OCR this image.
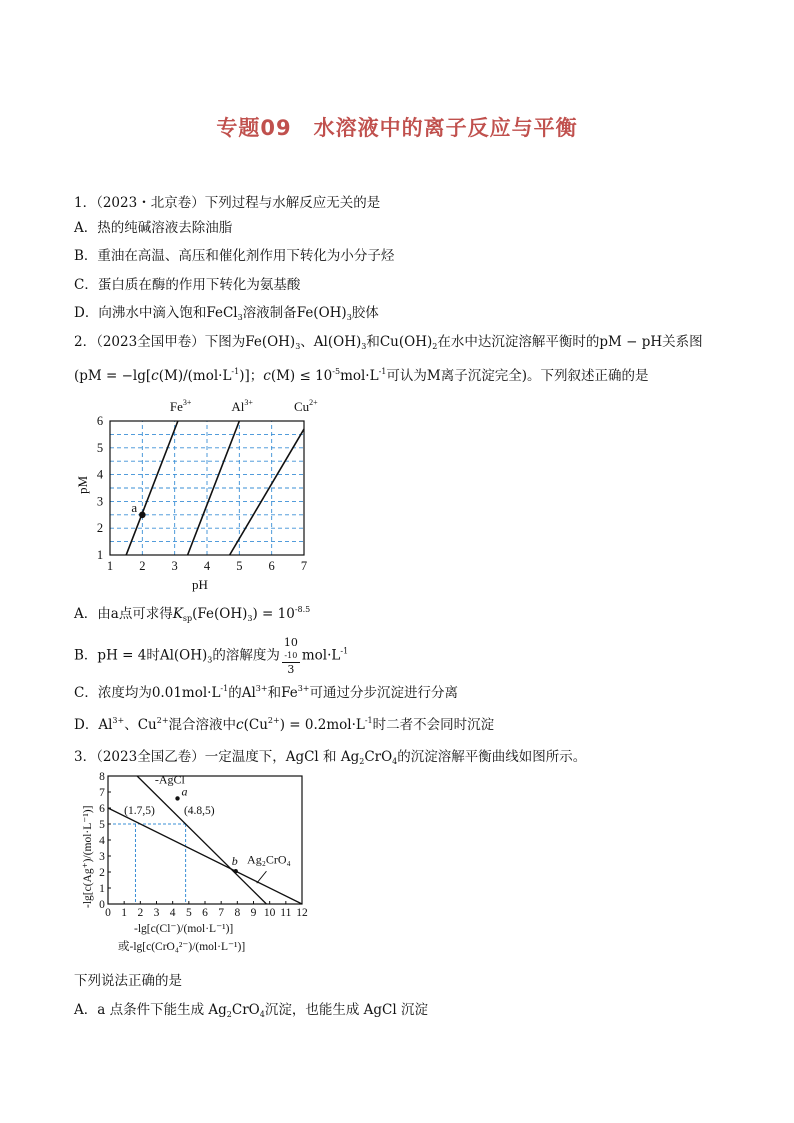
专题09　水溶液中的离子反应与平衡
1．（2023・北京卷）下列过程与水解反应无关的是
A．热的纯碱溶液去除油脂
B．重油在高温、高压和催化剂作用下转化为小分子烃
C．蛋白质在酶的作用下转化为氨基酸
D．向沸水中滴入饱和FeCl$_3$溶液制备$Fe(OH)_3$胶体
2．（2023全国甲卷）下图为$Fe(OH)_3$、$Al(OH)_3$和$Cu(OH)_2$在水中达沉淀溶解平衡时的pM − pH关系图
($pM = -\lg[c(M)/(mol\cdot L^{-1})]$；$c(M) \le 10^{-5}mol\cdot L^{-1}$可认为M离子沉淀完全)。下列叙述正确的是
1 2 3 4 5 6 7
1
2
3
4
5
6
$Fe^{3+}$	$Al^{3+}$	$Cu^{2+}$
a
pM
pH
A．由a点可求得$K_{sp}(Fe(OH)_3) = 10^{-8.5}$
B．pH = 4时$Al(OH)_3$的溶解度为 10
-10
3 $mol\cdot L^{-1}$
C．浓度均为$0.01mol\cdot L^{-1}$的$Al^{3+}$和$Fe^{3+}$可通过分步沉淀进行分离
D．$Al^{3+}$、$Cu^{2+}$混合溶液中$c(Cu^{2+}) = 0.2mol\cdot L^{-1}$时二者不会同时沉淀
3．（2023全国乙卷）一定温度下，AgCl 和 $Ag_2CrO_4$的沉淀溶解平衡曲线如图所示。
0 1 2 3 4 5 6 7 8 9 10 11 12
0
1
2
3
4
5
6
7
8
a
b
(1.7,5)	(4.8,5)
-AgCl
Ag₂CrO₄
-lg[c(Ag⁺)/(mol·L⁻¹)]
-lg[c(Cl⁻)/(mol·L⁻¹)]
或-lg[c(CrO₄²⁻)/(mol·L⁻¹)]
下列说法正确的是
A．a 点条件下能生成 $Ag_2CrO_4$沉淀，也能生成 AgCl 沉淀
